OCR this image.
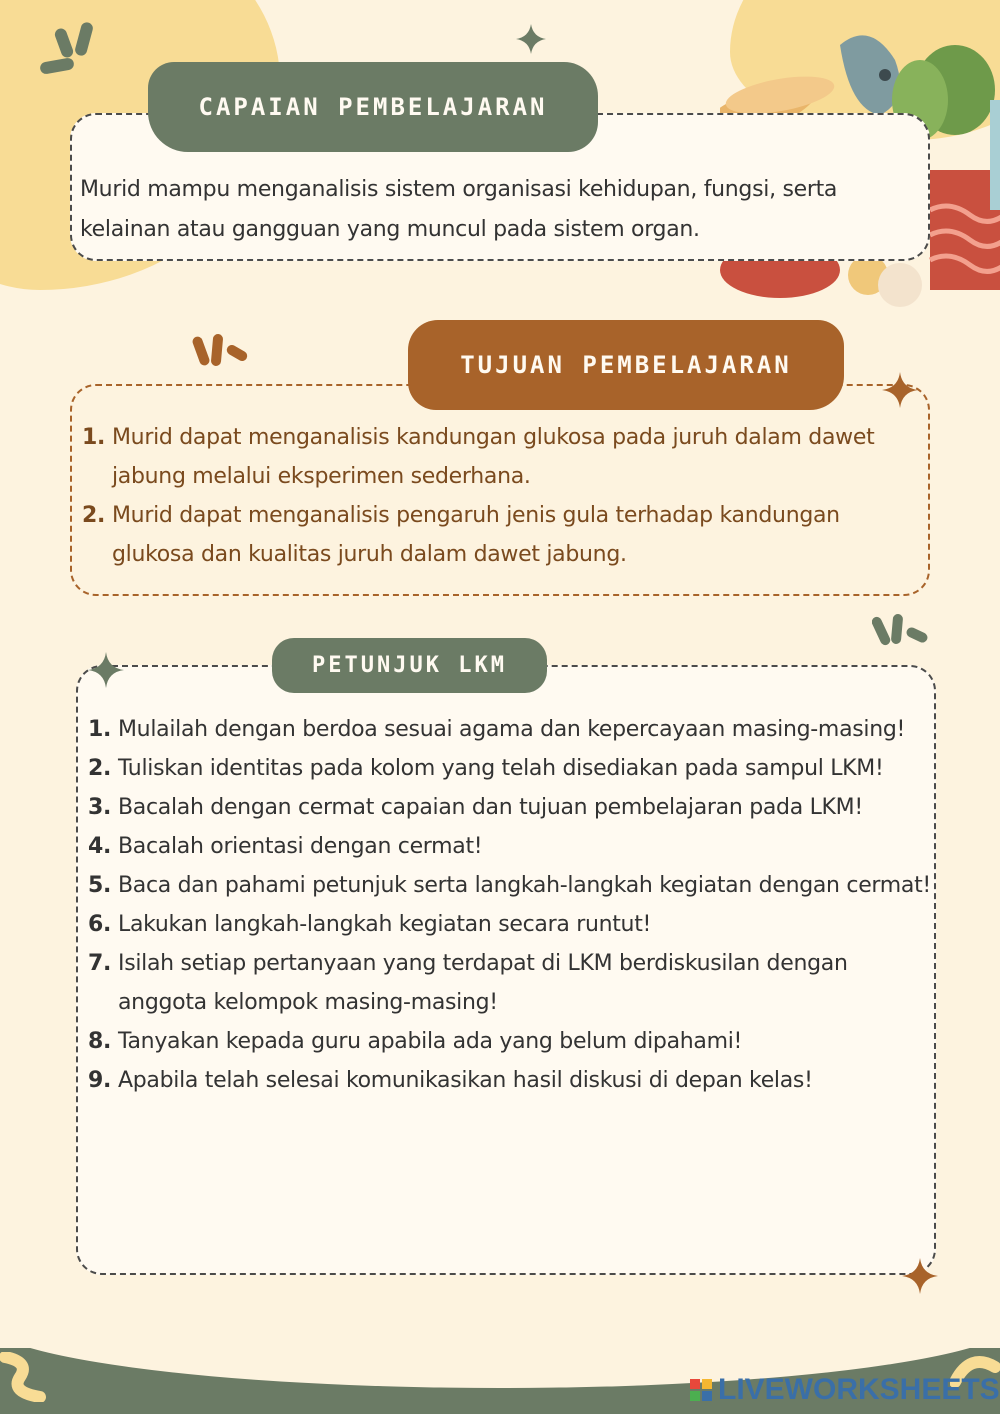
CAPAIAN PEMBELAJARAN
Murid mampu menganalisis sistem organisasi kehidupan, fungsi, serta kelainan atau gangguan yang muncul pada sistem organ.
TUJUAN PEMBELAJARAN
1. Murid dapat menganalisis kandungan glukosa pada juruh dalam dawet jabung melalui eksperimen sederhana.
2. Murid dapat menganalisis pengaruh jenis gula terhadap kandungan glukosa dan kualitas juruh dalam dawet jabung.
PETUNJUK LKM
1. Mulailah dengan berdoa sesuai agama dan kepercayaan masing-masing!
2. Tuliskan identitas pada kolom yang telah disediakan pada sampul LKM!
3. Bacalah dengan cermat capaian dan tujuan pembelajaran pada LKM!
4. Bacalah orientasi dengan cermat!
5. Baca dan pahami petunjuk serta langkah-langkah kegiatan dengan cermat!
6. Lakukan langkah-langkah kegiatan secara runtut!
7. Isilah setiap pertanyaan yang terdapat di LKM berdiskusilan dengan anggota kelompok masing-masing!
8. Tanyakan kepada guru apabila ada yang belum dipahami!
9. Apabila telah selesai komunikasikan hasil diskusi di depan kelas!
LIVEWORKSHEETS
